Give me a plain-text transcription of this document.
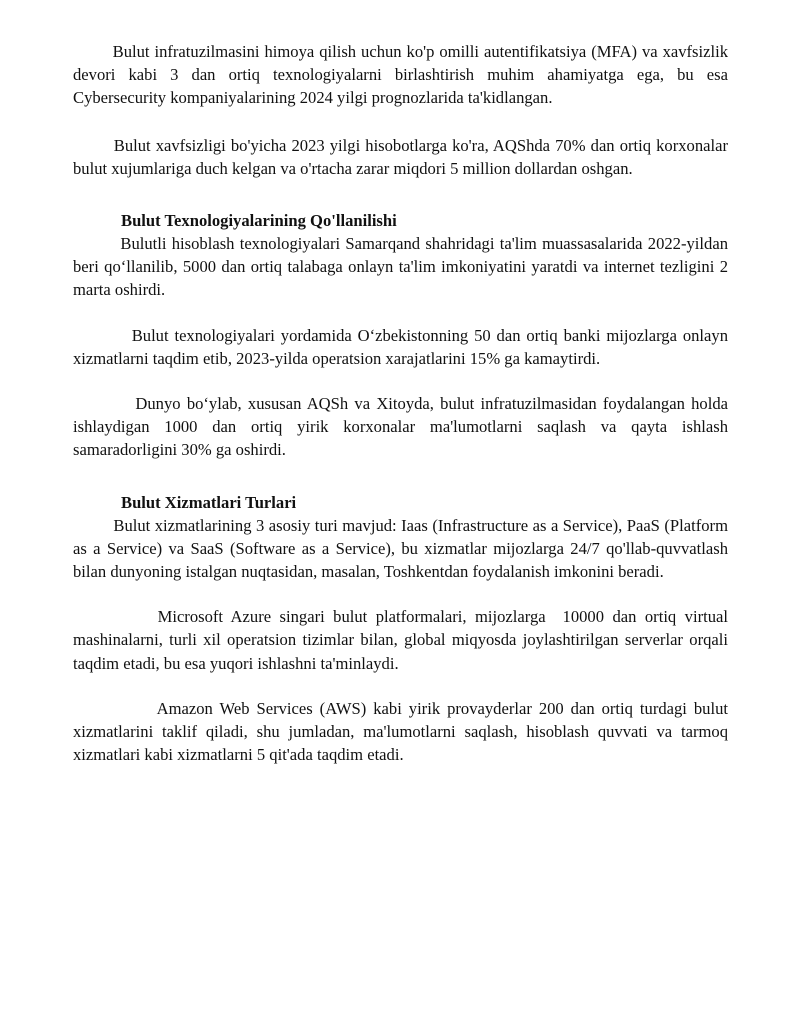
Bulut infratuzilmasini himoya qilish uchun ko'p omilli autentifikatsiya (MFA) va xavfsizlik devori kabi 3 dan ortiq texnologiyalarni birlashtirish muhim ahamiyatga ega, bu esa  Cybersecurity kompaniyalarining 2024 yilgi prognozlarida ta'kidlangan.

Bulut xavfsizligi bo'yicha 2023 yilgi hisobotlarga ko'ra, AQShda 70% dan ortiq korxonalar bulut xujumlariga duch kelgan va o'rtacha zarar miqdori 5 million dollardan oshgan.

Bulut Texnologiyalarining Qo'llanilishi

Bulutli hisoblash texnologiyalari Samarqand shahridagi ta'lim muassasalarida 2022-yildan beri qo‘llanilib, 5000 dan ortiq talabaga onlayn ta'lim imkoniyatini yaratdi va internet tezligini 2 marta oshirdi.

Bulut texnologiyalari yordamida O‘zbekistonning 50 dan ortiq banki mijozlarga onlayn xizmatlarni taqdim etib, 2023-yilda operatsion xarajatlarini 15% ga kamaytirdi.

Dunyo bo‘ylab, xususan AQSh va Xitoyda, bulut infratuzilmasidan foydalangan holda ishlaydigan 1000 dan ortiq yirik korxonalar ma'lumotlarni saqlash va qayta ishlash samaradorligini 30% ga oshirdi.

Bulut Xizmatlari Turlari

Bulut xizmatlarining 3 asosiy turi mavjud: Iaas (Infrastructure as a Service), PaaS (Platform as a Service) va SaaS (Software as a Service), bu xizmatlar mijozlarga 24/7 qo'llab-quvvatlash bilan dunyoning istalgan nuqtasidan, masalan, Toshkentdan foydalanish imkonini beradi.

Microsoft Azure singari bulut platformalari, mijozlarga  10000 dan ortiq virtual mashinalarni, turli xil operatsion tizimlar bilan, global miqyosda joylashtirilgan serverlar orqali taqdim etadi, bu esa yuqori ishlashni ta'minlaydi.

Amazon Web Services (AWS) kabi yirik provayderlar 200 dan ortiq turdagi bulut xizmatlarini taklif qiladi, shu jumladan, ma'lumotlarni saqlash, hisoblash quvvati va tarmoq xizmatlari kabi xizmatlarni 5 qit'ada taqdim etadi.
